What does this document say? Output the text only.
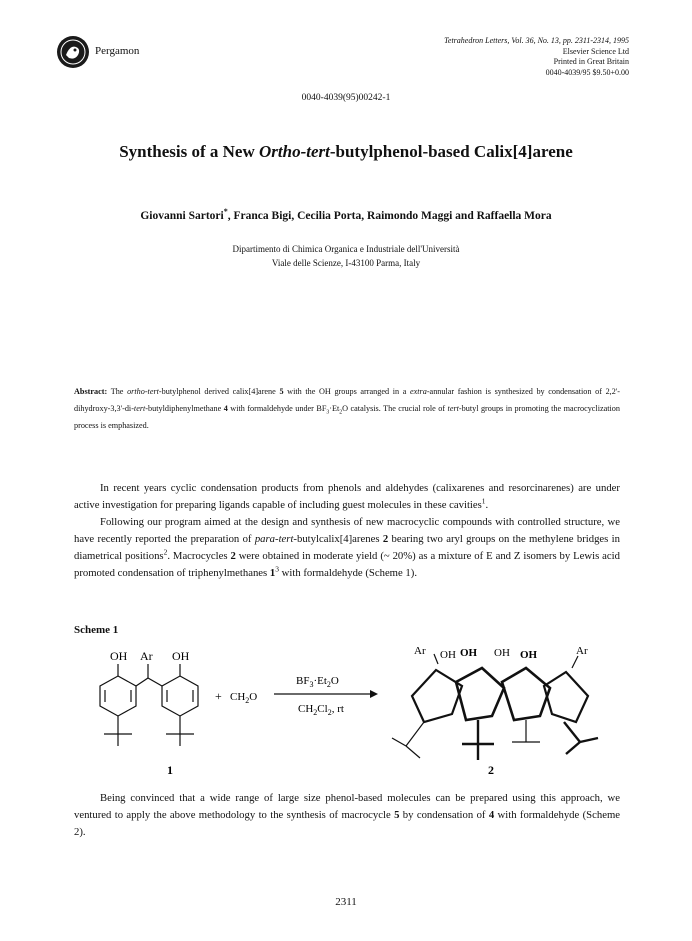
Pergamon
Tetrahedron Letters, Vol. 36, No. 13, pp. 2311-2314, 1995
Elsevier Science Ltd
Printed in Great Britain
0040-4039/95 $9.50+0.00
0040-4039(95)00242-1
Synthesis of a New Ortho-tert-butylphenol-based Calix[4]arene
Giovanni Sartori*, Franca Bigi, Cecilia Porta, Raimondo Maggi and Raffaella Mora
Dipartimento di Chimica Organica e Industriale dell'Università
Viale delle Scienze, I-43100 Parma, Italy
Abstract: The ortho-tert-butylphenol derived calix[4]arene 5 with the OH groups arranged in a extra-annular fashion is synthesized by condensation of 2,2'-dihydroxy-3,3'-di-tert-butyldiphenylmethane 4 with formaldehyde under $BF_3\cdot Et_2O$ catalysis. The crucial role of tert-butyl groups in promoting the macrocyclization process is emphasized.

In recent years cyclic condensation products from phenols and aldehydes (calixarenes and resorcinarenes) are under active investigation for preparing ligands capable of including guest molecules in these cavities$^1$.

Following our program aimed at the design and synthesis of new macrocyclic compounds with controlled structure, we have recently reported the preparation of para-tert-butylcalix[4]arenes 2 bearing two aryl groups on the methylene bridges in diametrical positions$^2$. Macrocycles 2 were obtained in moderate yield (~ 20%) as a mixture of E and Z isomers by Lewis acid promoted condensation of triphenylmethanes $1^3$ with formaldehyde (Scheme 1).

Scheme 1
OH Ar OH
+ $CH_2O$
$BF_3\cdot Et_2O$
$CH_2Cl_2$, rt
Ar OH OH OH OH	Ar
1	2

Being convinced that a wide range of large size phenol-based molecules can be prepared using this approach, we ventured to apply the above methodology to the synthesis of macrocycle 5 by condensation of 4 with formaldehyde (Scheme 2).

2311
